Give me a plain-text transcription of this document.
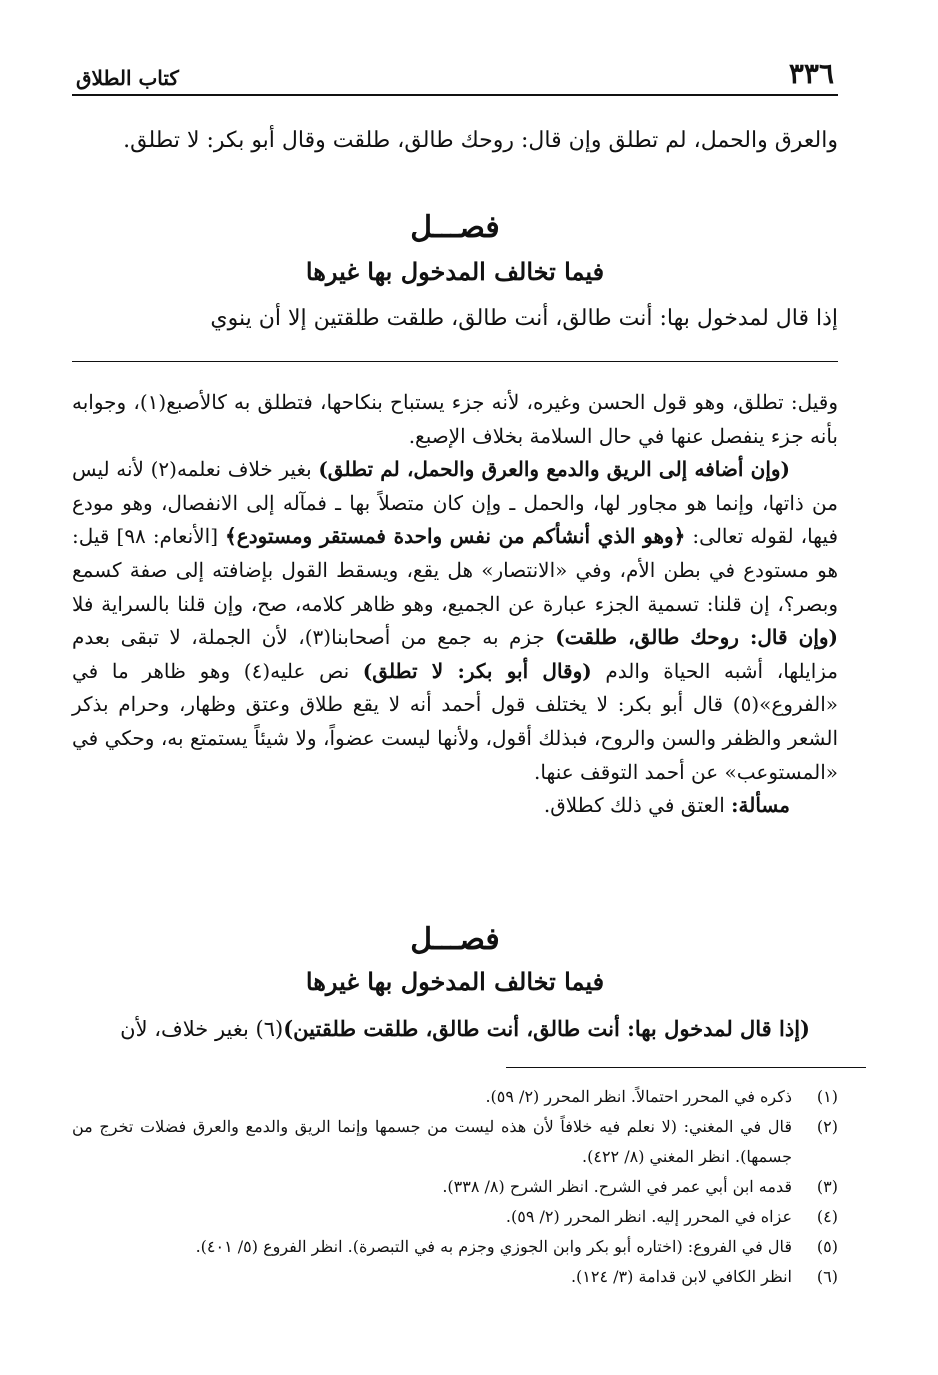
٣٣٦
كتاب الطلاق
والعرق والحمل، لم تطلق وإن قال: روحك طالق، طلقت وقال أبو بكر: لا تطلق.
فصـــل
فيما تخالف المدخول بها غيرها
إذا قال لمدخول بها: أنت طالق، أنت طالق، طلقت طلقتين إلا أن ينوي

وقيل: تطلق، وهو قول الحسن وغيره، لأنه جزء يستباح بنكاحها، فتطلق به كالأصبع(١)، وجوابه بأنه جزء ينفصل عنها في حال السلامة بخلاف الإصبع.

(وإن أضافه إلى الريق والدمع والعرق والحمل، لم تطلق) بغير خلاف نعلمه(٢) لأنه ليس من ذاتها، وإنما هو مجاور لها، والحمل ـ وإن كان متصلاً بها ـ فمآله إلى الانفصال، وهو مودع فيها، لقوله تعالى: ﴿وهو الذي أنشأكم من نفس واحدة فمستقر ومستودع﴾ [الأنعام: ٩٨] قيل: هو مستودع في بطن الأم، وفي «الانتصار» هل يقع، ويسقط القول بإضافته إلى صفة كسمع وبصر؟، إن قلنا: تسمية الجزء عبارة عن الجميع، وهو ظاهر كلامه، صح، وإن قلنا بالسراية فلا (وإن قال: روحك طالق، طلقت) جزم به جمع من أصحابنا(٣)، لأن الجملة، لا تبقى بعدم مزايلها، أشبه الحياة والدم (وقال أبو بكر: لا تطلق) نص عليه(٤) وهو ظاهر ما في «الفروع»(٥) قال أبو بكر: لا يختلف قول أحمد أنه لا يقع طلاق وعتق وظهار، وحرام بذكر الشعر والظفر والسن والروح، فبذلك أقول، ولأنها ليست عضواً، ولا شيئاً يستمتع به، وحكي في «المستوعب» عن أحمد التوقف عنها.

مسألة: العتق في ذلك كطلاق.

فصـــل
فيما تخالف المدخول بها غيرها
(إذا قال لمدخول بها: أنت طالق، أنت طالق، طلقت طلقتين)(٦) بغير خلاف، لأن
(١)
ذكره في المحرر احتمالاً. انظر المحرر (٢/ ٥٩).
(٢)
قال في المغني: (لا نعلم فيه خلافاً لأن هذه ليست من جسمها وإنما الريق والدمع والعرق فضلات تخرج من جسمها). انظر المغني (٨/ ٤٢٢).
(٣)
قدمه ابن أبي عمر في الشرح. انظر الشرح (٨/ ٣٣٨).
(٤)
عزاه في المحرر إليه. انظر المحرر (٢/ ٥٩).
(٥)
قال في الفروع: (اختاره أبو بكر وابن الجوزي وجزم به في التبصرة). انظر الفروع (٥/ ٤٠١).
(٦)
انظر الكافي لابن قدامة (٣/ ١٢٤).
